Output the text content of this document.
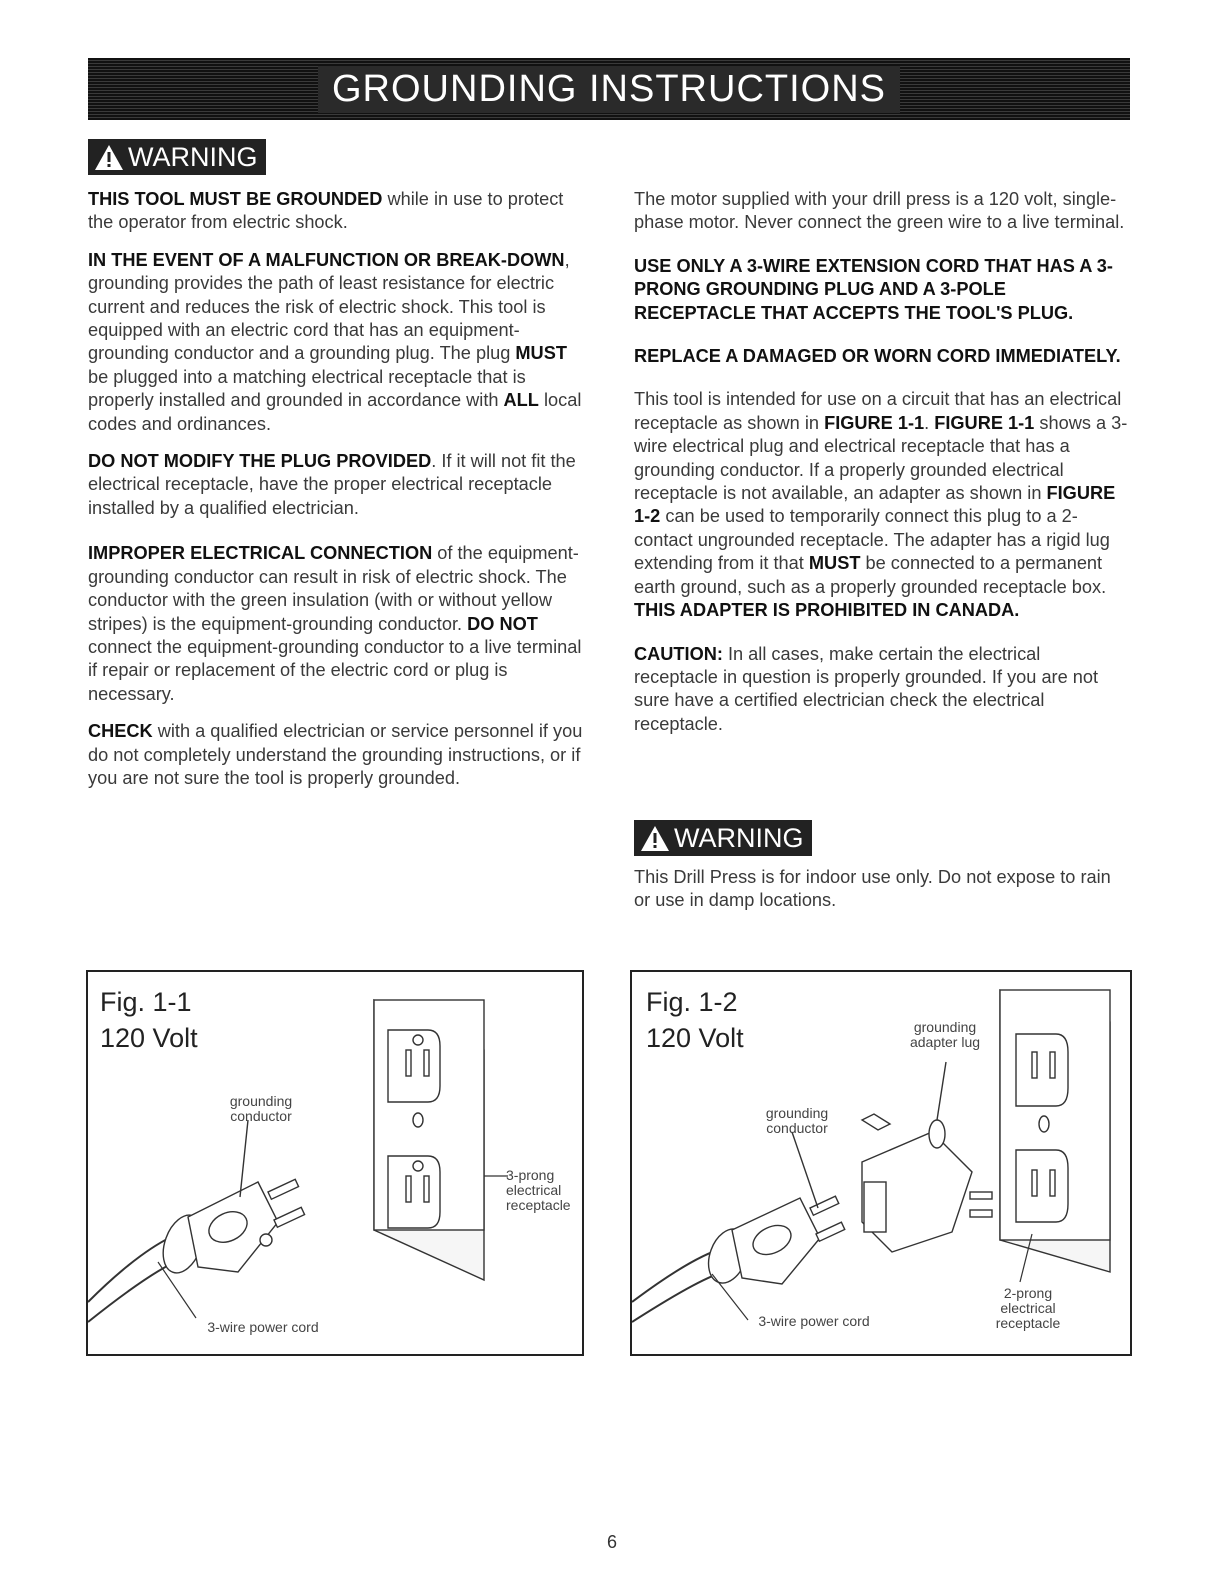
GROUNDING INSTRUCTIONS
WARNING

THIS TOOL MUST BE GROUNDED while in use to protect the operator from electric shock.

IN THE EVENT OF A MALFUNCTION OR BREAK-DOWN, grounding provides the path of least resistance for electric current and reduces the risk of electric shock. This tool is equipped with an electric cord that has an equipment-grounding conductor and a grounding plug. The plug MUST be plugged into a matching electrical receptacle that is properly installed and grounded in accordance with ALL local codes and ordinances.

DO NOT MODIFY THE PLUG PROVIDED. If it will not fit the electrical receptacle, have the proper electrical receptacle installed by a qualified electrician.

IMPROPER ELECTRICAL CONNECTION of the equipment-grounding conductor can result in risk of electric shock. The conductor with the green insulation (with or without yellow stripes) is the equipment-grounding conductor. DO NOT connect the equipment-grounding conductor to a live terminal if repair or replacement of the electric cord or plug is necessary.

CHECK with a qualified electrician or service personnel if you do not completely understand the grounding instructions, or if you are not sure the tool is properly grounded.

The motor supplied with your drill press is a 120 volt, single-phase motor. Never connect the green wire to a live terminal.

USE ONLY A 3-WIRE EXTENSION CORD THAT HAS A 3-PRONG GROUNDING PLUG AND A 3-POLE RECEPTACLE THAT ACCEPTS THE TOOL'S PLUG.

REPLACE A DAMAGED OR WORN CORD IMMEDIATELY.

This tool is intended for use on a circuit that has an electrical receptacle as shown in FIGURE 1-1. FIGURE 1-1 shows a 3-wire electrical plug and electrical receptacle that has a grounding conductor. If a properly grounded electrical receptacle is not available, an adapter as shown in FIGURE 1-2 can be used to temporarily connect this plug to a 2-contact ungrounded receptacle. The adapter has a rigid lug extending from it that MUST be connected to a permanent earth ground, such as a properly grounded receptacle box. THIS ADAPTER IS PROHIBITED IN CANADA.

CAUTION: In all cases, make certain the electrical receptacle in question is properly grounded. If you are not sure have a certified electrician check the electrical receptacle.

WARNING

This Drill Press is for indoor use only. Do not expose to rain or use in damp locations.

Fig. 1-1
120 Volt
grounding conductor
3-prong electrical receptacle
3-wire power cord
Fig. 1-2
120 Volt	grounding adapter lug
grounding conductor
2-prong electrical receptacle
3-wire power cord
6
